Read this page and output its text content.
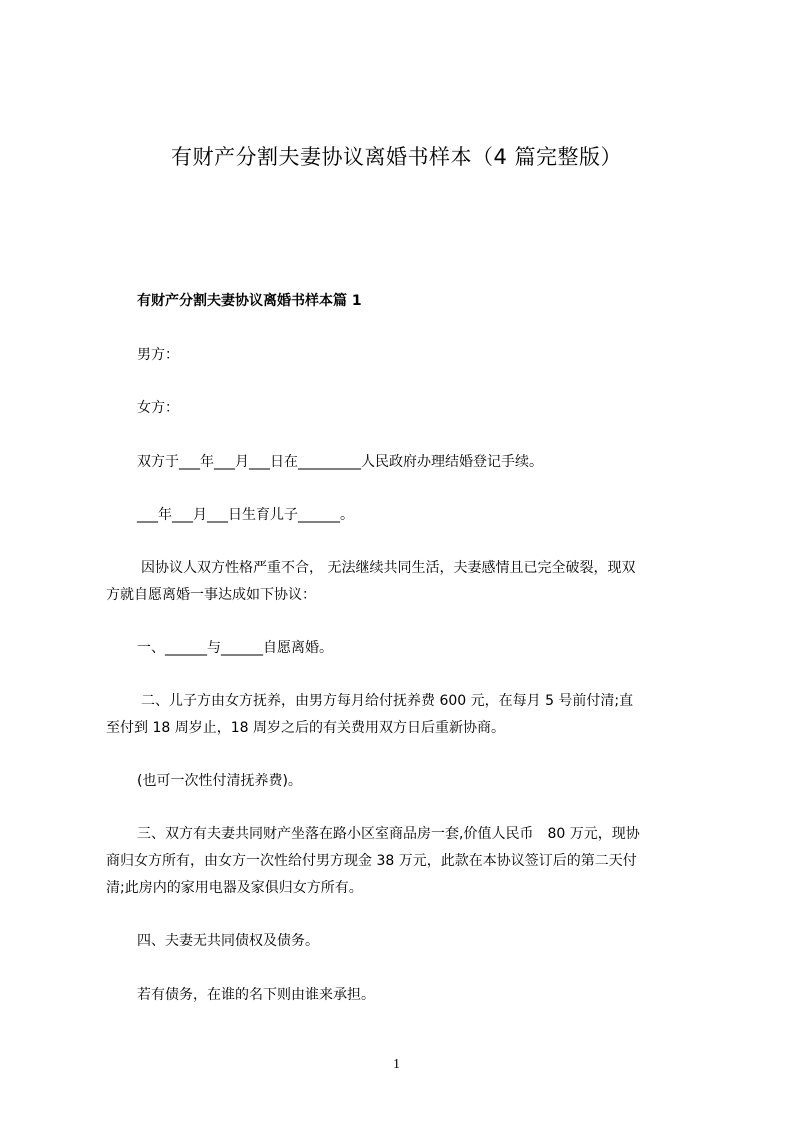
有财产分割夫妻协议离婚书样本（4 篇完整版）
有财产分割夫妻协议离婚书样本篇 1
男方：
女方：
双方于___年___月___日在_________人民政府办理结婚登记手续。
___年___月___日生育儿子______。
因协议人双方性格严重不合， 无法继续共同生活，夫妻感情且已完全破裂，现双
方就自愿离婚一事达成如下协议：
一、______与______自愿离婚。
二、儿子方由女方抚养，由男方每月给付抚养费 600 元，在每月 5 号前付清;直
至付到 18 周岁止，18 周岁之后的有关费用双方日后重新协商。
(也可一次性付清抚养费)。
三、双方有夫妻共同财产坐落在路小区室商品房一套,价值人民币　80 万元，现协
商归女方所有，由女方一次性给付男方现金 38 万元，此款在本协议签订后的第二天付
清;此房内的家用电器及家俱归女方所有。
四、夫妻无共同债权及债务。
若有债务，在谁的名下则由谁来承担。
1
